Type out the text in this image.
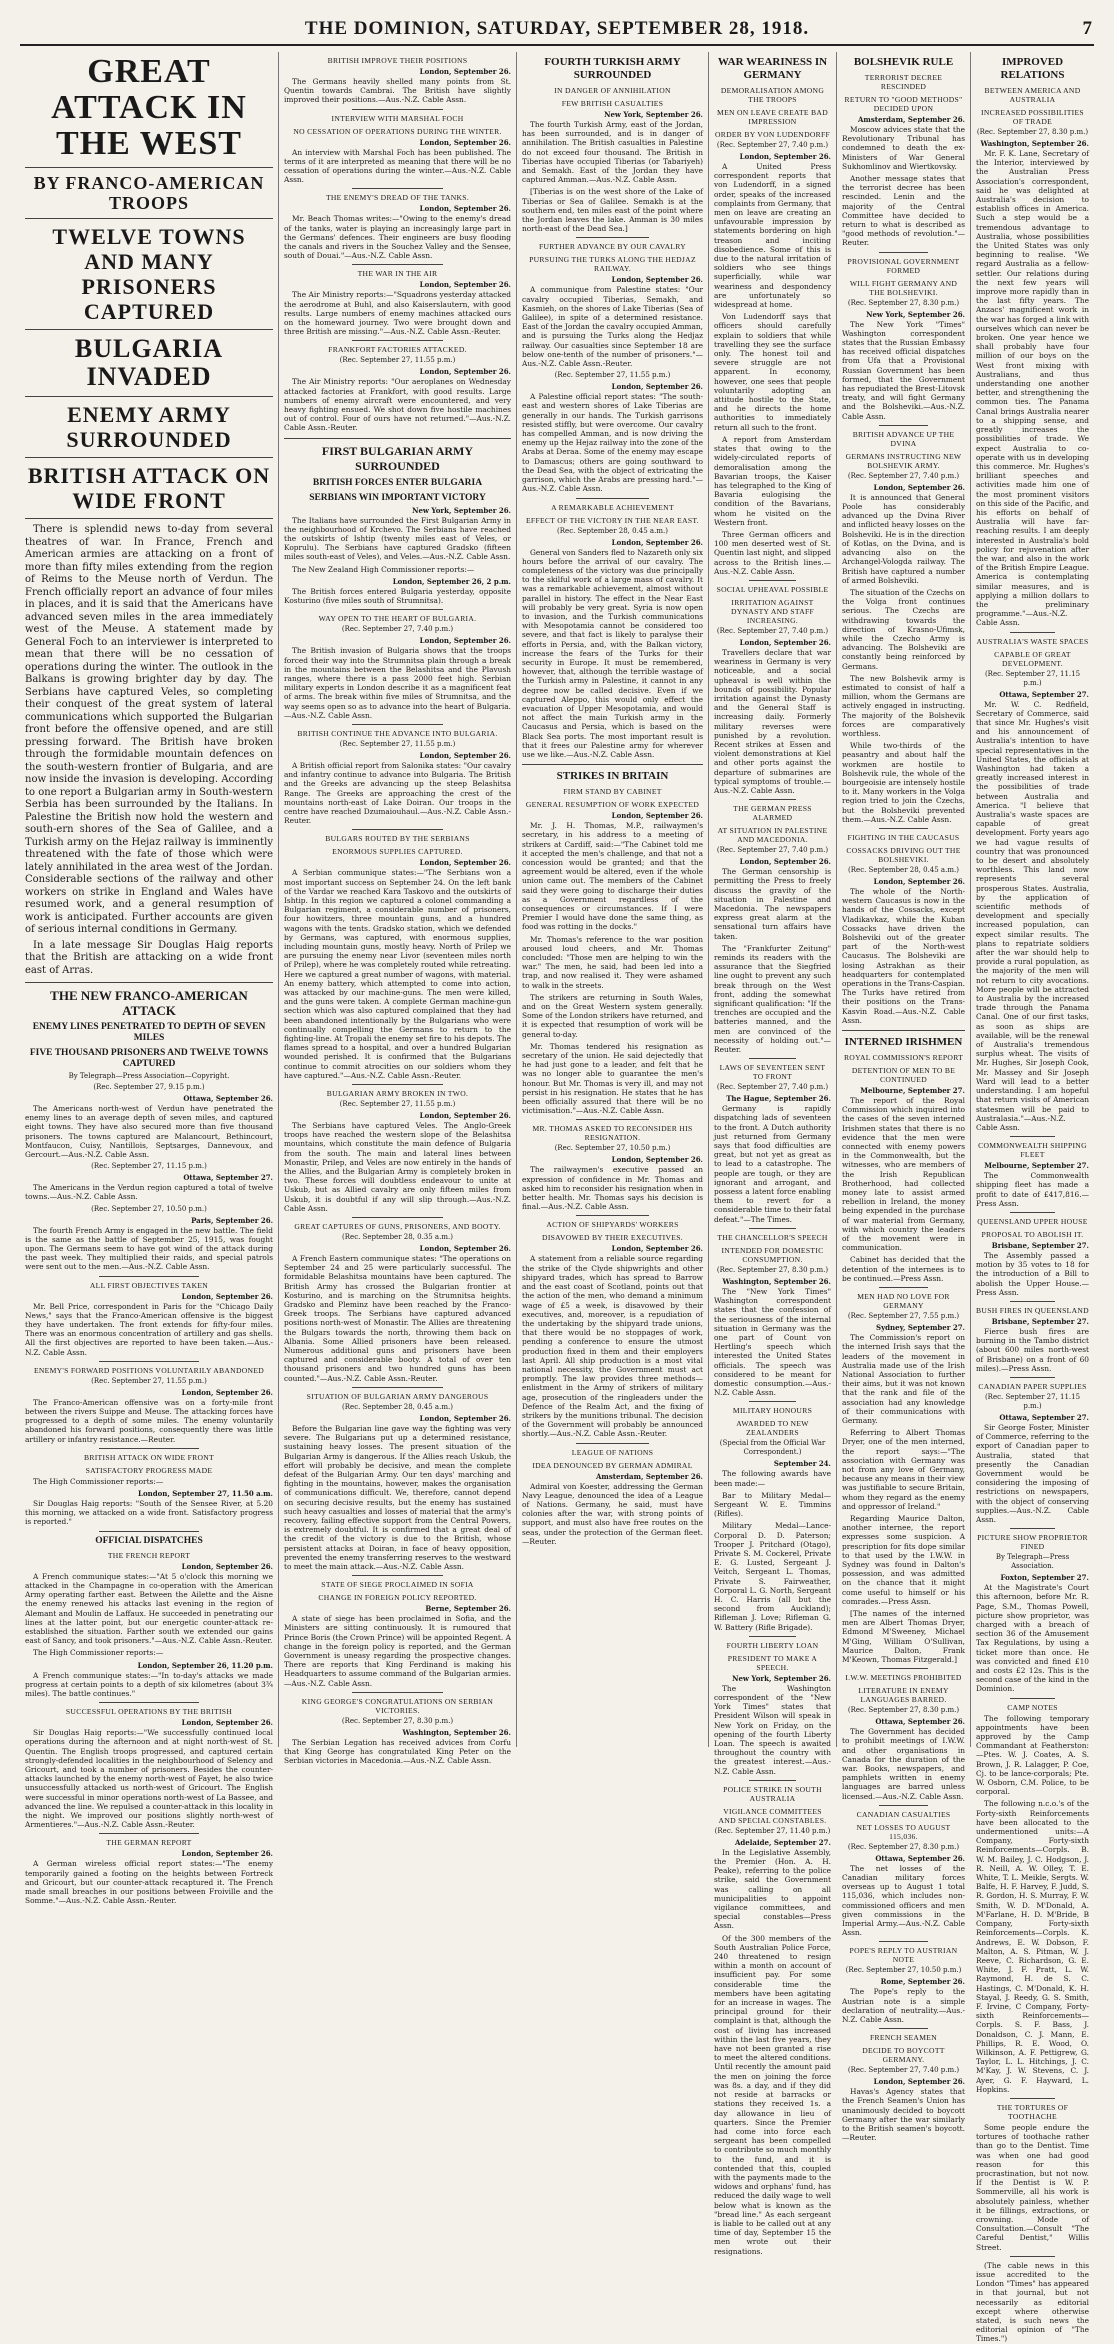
THE DOMINION, SATURDAY, SEPTEMBER 28, 1918.	7
GREAT ATTACK IN THE WEST
BY FRANCO-AMERICAN TROOPS
TWELVE TOWNS AND MANY PRISONERS CAPTURED
BULGARIA INVADED
ENEMY ARMY SURROUNDED
BRITISH ATTACK ON WIDE FRONT

There is splendid news to-day from several theatres of war. In France, French and American armies are attacking on a front of more than fifty miles extending from the region of Reims to the Meuse north of Verdun. The French officially report an advance of four miles in places, and it is said that the Americans have advanced seven miles in the area immediately west of the Meuse. A statement made by General Foch to an interviewer is interpreted to mean that there will be no cessation of operations during the winter. The outlook in the Balkans is growing brighter day by day. The Serbians have captured Veles, so completing their conquest of the great system of lateral communications which supported the Bulgarian front before the offensive opened, and are still pressing forward. The British have broken through the formidable mountain defences on the south-western frontier of Bulgaria, and are now inside the invasion is developing. According to one report a Bulgarian army in South-western Serbia has been surrounded by the Italians. In Palestine the British now hold the western and south-ern shores of the Sea of Galilee, and a Turkish army on the Hejaz railway is imminently threatened with the fate of those which were lately annihilated in the area west of the Jordan. Considerable sections of the railway and other workers on strike in England and Wales have resumed work, and a general resumption of work is anticipated. Further accounts are given of serious internal conditions in Germany.

In a late message Sir Douglas Haig reports that the British are attacking on a wide front east of Arras.

THE NEW FRANCO-AMERICAN ATTACK
ENEMY LINES PENETRATED TO DEPTH OF SEVEN MILES
FIVE THOUSAND PRISONERS AND TWELVE TOWNS CAPTURED
By Telegraph—Press Association—Copyright.
(Rec. September 27, 9.15 p.m.)
Ottawa, September 26.

The Americans north-west of Verdun have penetrated the enemy lines to an average depth of seven miles, and captured eight towns. They have also secured more than five thousand prisoners. The towns captured are Malancourt, Bethincourt, Montfaucon, Cuisy, Nantillois, Septsarges, Dannevoux, and Gercourt.—Aus.-N.Z. Cable Assn.

(Rec. September 27, 11.15 p.m.)
Ottawa, September 27.

The Americans in the Verdun region captured a total of twelve towns.—Aus.-N.Z. Cable Assn.

(Rec. September 27, 10.50 p.m.)
Paris, September 26.

The fourth French Army is engaged in the new battle. The field is the same as the battle of September 25, 1915, was fought upon. The Germans seem to have got wind of the attack during the past week. They multiplied their raids, and special patrols were sent out to the men.—Aus.-N.Z. Cable Assn.

ALL FIRST OBJECTIVES TAKEN
London, September 26.

Mr. Bell Price, correspondent in Paris for the "Chicago Daily News," says that the Franco-American offensive is the biggest they have undertaken. The front extends for fifty-four miles. There was an enormous concentration of artillery and gas shells. All the first objectives are reported to have been taken.—Aus.-N.Z. Cable Assn.

ENEMY'S FORWARD POSITIONS VOLUNTARILY ABANDONED
(Rec. September 27, 11.55 p.m.)
London, September 26.

The Franco-American offensive was on a forty-mile front between the rivers Suippe and Meuse. The attacking forces have progressed to a depth of some miles. The enemy voluntarily abandoned his forward positions, consequently there was little artillery or infantry resistance.—Reuter.

BRITISH ATTACK ON WIDE FRONT
SATISFACTORY PROGRESS MADE

The High Commissioner reports:—

London, September 27, 11.50 a.m.

Sir Douglas Haig reports: "South of the Sensee River, at 5.20 this morning, we attacked on a wide front. Satisfactory progress is reported."

OFFICIAL DISPATCHES
THE FRENCH REPORT
London, September 26.

A French communique states:—"At 5 o'clock this morning we attacked in the Champagne in co-operation with the American Army operating farther east. Between the Ailette and the Aisne the enemy renewed his attacks last evening in the region of Alemant and Moulin de Laffaux. He succeeded in penetrating our lines at the latter point, but our energetic counter-attack re-established the situation. Farther south we extended our gains east of Sancy, and took prisoners."—Aus.-N.Z. Cable Assn.-Reuter.

The High Commissioner reports:—

London, September 26, 11.20 p.m.

A French communique states:—"In to-day's attacks we made progress at certain points to a depth of six kilometres (about 3¾ miles). The battle continues."

SUCCESSFUL OPERATIONS BY THE BRITISH
London, September 26.

Sir Douglas Haig reports:—"We successfully continued local operations during the afternoon and at night north-west of St. Quentin. The English troops progressed, and captured certain strongly-defended localities in the neighbourhood of Selency and Gricourt, and took a number of prisoners. Besides the counter-attacks launched by the enemy north-west of Fayet, he also twice unsuccessfully attacked us north-west of Gricourt. The English were successful in minor operations north-west of La Bassee, and advanced the line. We repulsed a counter-attack in this locality in the night. We improved our positions slightly north-west of Armentieres."—Aus.-N.Z. Cable Assn.-Reuter.

THE GERMAN REPORT
London, September 26.

A German wireless official report states:—"The enemy temporarily gained a footing on the heights between Fortreck and Gricourt, but our counter-attack recaptured it. The French made small breaches in our positions between Froiville and the Somme."—Aus.-N.Z. Cable Assn.-Reuter.

BRITISH IMPROVE THEIR POSITIONS
London, September 26.

The Germans heavily shelled many points from St. Quentin towards Cambrai. The British have slightly improved their positions.—Aus.-N.Z. Cable Assn.

INTERVIEW WITH MARSHAL FOCH
NO CESSATION OF OPERATIONS DURING THE WINTER.
London, September 26.

An interview with Marshal Foch has been published. The terms of it are interpreted as meaning that there will be no cessation of operations during the winter.—Aus.-N.Z. Cable Assn.

THE ENEMY'S DREAD OF THE TANKS.
London, September 26.

Mr. Beach Thomas writes:—"Owing to the enemy's dread of the tanks, water is playing an increasingly large part in the Germans' defences. Their engineers are busy flooding the canals and rivers in the Souchez Valley and the Sensee, south of Douai."—Aus.-N.Z. Cable Assn.

THE WAR IN THE AIR
London, September 26.

The Air Ministry reports:—"Squadrons yesterday attacked the aerodrome at Buhl, and also Kaiserslautern, with good results. Large numbers of enemy machines attacked ours on the homeward journey. Two were brought down and three British are missing."—Aus.-N.Z. Cable Assn.-Reuter.

FRANKFORT FACTORIES ATTACKED.
(Rec. September 27, 11.55 p.m.)
London, September 26.

The Air Ministry reports: "Our aeroplanes on Wednesday attacked factories at Frankfort, with good results. Large numbers of enemy aircraft were encountered, and very heavy fighting ensued. We shot down five hostile machines out of control. Four of ours have not returned."—Aus.-N.Z. Cable Assn.-Reuter.

FIRST BULGARIAN ARMY SURROUNDED
BRITISH FORCES ENTER BULGARIA
SERBIANS WIN IMPORTANT VICTORY
New York, September 26.

The Italians have surrounded the First Bulgarian Army in the neighbourhood of Krchevo. The Serbians have reached the outskirts of Ishtip (twenty miles east of Veles, or Koprulu). The Serbians have captured Gradsko (fifteen miles south-east of Veles), and Veles.—Aus.-N.Z. Cable Assn.

The New Zealand High Commissioner reports:—

London, September 26, 2 p.m.

The British forces entered Bulgaria yesterday, opposite Kosturino (five miles south of Strumnitsa).

WAY OPEN TO THE HEART OF BULGARIA.
(Rec. September 27, 7.40 p.m.)
London, September 26.

The British invasion of Bulgaria shows that the troops forced their way into the Strumnitsa plain through a break in the mountains between the Belashitsa and the Plavush ranges, where there is a pass 2000 feet high. Serbian military experts in London describe it as a magnificent feat of arms. The break within five miles of Strumnitsa, and the way seems open so as to advance into the heart of Bulgaria.—Aus.-N.Z. Cable Assn.

BRITISH CONTINUE THE ADVANCE INTO BULGARIA.
(Rec. September 27, 11.55 p.m.)
London, September 26.

A British official report from Salonika states: "Our cavalry and infantry continue to advance into Bulgaria. The British and the Greeks are advancing up the steep Belashitsa Range. The Greeks are approaching the crest of the mountains north-east of Lake Doiran. Our troops in the centre have reached Dzumaiouhaul.—Aus.-N.Z. Cable Assn.-Reuter.

BULGARS ROUTED BY THE SERBIANS
ENORMOUS SUPPLIES CAPTURED.
London, September 26.

A Serbian communique states:—"The Serbians won a most important success on September 24. On the left bank of the Vardar we reached Kara Taskovo and the outskirts of Ishtip. In this region we captured a colonel commanding a Bulgarian regiment, a considerable number of prisoners, four howitzers, three mountain guns, and a hundred wagons with the tents. Gradsko station, which we defended by Germans, was captured, with enormous supplies, including mountain guns, mostly heavy. North of Prilep we are pursuing the enemy near Livor (seventeen miles north of Prilep), where he was completely routed while retreating. Here we captured a great number of wagons, with material. An enemy battery, which attempted to come into action, was attacked by our machine-guns. The men were killed, and the guns were taken. A complete German machine-gun section which was also captured complained that they had been abandoned intentionally by the Bulgarians who were continually compelling the Germans to return to the fighting-line. At Tropali the enemy set fire to his depots. The flames spread to a hospital, and over a hundred Bulgarian wounded perished. It is confirmed that the Bulgarians continue to commit atrocities on our soldiers whom they have captured."—Aus.-N.Z. Cable Assn.-Reuter.

BULGARIAN ARMY BROKEN IN TWO.
(Rec. September 27, 11.55 p.m.)
London, September 26.

The Serbians have captured Veles. The Anglo-Greek troops have reached the western slope of the Belashitsa mountains, which constitute the main defence of Bulgaria from the south. The main and lateral lines between Monastir, Prilep, and Veles are now entirely in the hands of the Allies, and the Bulgarian Army is completely broken in two. These forces will doubtless endeavour to unite at Uskub, but as Allied cavalry are only fifteen miles from Uskub, it is doubtful if any will slip through.—Aus.-N.Z. Cable Assn.

GREAT CAPTURES OF GUNS, PRISONERS, AND BOOTY.
(Rec. September 28, 0.35 a.m.)
London, September 26.

A French Eastern communique states: "The operations on September 24 and 25 were particularly successful. The formidable Belashitsa mountains have been captured. The British Army has crossed the Bulgarian frontier at Kosturino, and is marching on the Strumnitsa heights. Gradsko and Pleminz have been reached by the Franco-Greek troops. The Serbians have captured advanced positions north-west of Monastir. The Allies are threatening the Bulgars towards the north, throwing them back on Albania. Some Allied prisoners have been released. Numerous additional guns and prisoners have been captured and considerable booty. A total of over ten thousand prisoners and two hundred guns has been counted."—Aus.-N.Z. Cable Assn.-Reuter.

SITUATION OF BULGARIAN ARMY DANGEROUS
(Rec. September 28, 0.45 a.m.)
London, September 26.

Before the Bulgarian line gave way the fighting was very severe. The Bulgarians put up a determined resistance, sustaining heavy losses. The present situation of the Bulgarian Army is dangerous. If the Allies reach Uskub, the effort will probably be decisive, and mean the complete defeat of the Bulgarian Army. Our ten days' marching and fighting in the mountains, however, makes the organisation of communications difficult. We, therefore, cannot depend on securing decisive results, but the enemy has sustained such heavy casualties and losses of material that the army's recovery, failing effective support from the Central Powers, is extremely doubtful. It is confirmed that a great deal of the credit of the victory is due to the British, whose persistent attacks at Doiran, in face of heavy opposition, prevented the enemy transferring reserves to the westward to meet the main attack.—Aus.-N.Z. Cable Assn.

STATE OF SIEGE PROCLAIMED IN SOFIA
CHANGE IN FOREIGN POLICY REPORTED.
Berne, September 26.

A state of siege has been proclaimed in Sofia, and the Ministers are sitting continuously. It is rumoured that Prince Boris (the Crown Prince) will be appointed Regent. A change in the foreign policy is reported, and the German Government is uneasy regarding the prospective changes. There are reports that King Ferdinand is making his Headquarters to assume command of the Bulgarian armies.—Aus.-N.Z. Cable Assn.

KING GEORGE'S CONGRATULATIONS ON SERBIAN VICTORIES.
(Rec. September 27, 8.30 p.m.)
Washington, September 26.

The Serbian Legation has received advices from Corfu that King George has congratulated King Peter on the Serbian victories in Macedonia.—Aus.-N.Z. Cable Assn.

FOURTH TURKISH ARMY SURROUNDED
IN DANGER OF ANNIHILATION
FEW BRITISH CASUALTIES
New York, September 26.

The fourth Turkish Army, east of the Jordan, has been surrounded, and is in danger of annihilation. The British casualties in Palestine do not exceed four thousand. The British in Tiberias have occupied Tiberias (or Tabariyeh) and Semakh. East of the Jordan they have captured Amman.—Aus.-N.Z. Cable Assn.

[Tiberias is on the west shore of the Lake of Tiberias or Sea of Galilee. Semakh is at the southern end, ten miles east of the point where the Jordan leaves the lake. Amman is 30 miles north-east of the Dead Sea.]

FURTHER ADVANCE BY OUR CAVALRY
PURSUING THE TURKS ALONG THE HEDJAZ RAILWAY.
London, September 26.

A communique from Palestine states: "Our cavalry occupied Tiberias, Semakh, and Kasmieh, on the shores of Lake Tiberias (Sea of Galilee), in spite of a determined resistance. East of the Jordan the cavalry occupied Amman, and is pursuing the Turks along the Hedjaz railway. Our casualties since September 18 are below one-tenth of the number of prisoners."—Aus.-N.Z. Cable Assn.-Reuter.

(Rec. September 27, 11.55 p.m.)
London, September 26.

A Palestine official report states: "The south-east and western shores of Lake Tiberias are generally in our hands. The Turkish garrisons resisted stiffly, but were overcome. Our cavalry has compelled Amman, and is now driving the enemy up the Hejaz railway into the zone of the Arabs at Deraa. Some of the enemy may escape to Damascus; others are going southward to the Dead Sea, with the object of extricating the garrison, which the Arabs are pressing hard."—Aus.-N.Z. Cable Assn.

A REMARKABLE ACHIEVEMENT
EFFECT OF THE VICTORY IN THE NEAR EAST.
(Rec. September 28, 0.45 a.m.)
London, September 26.

General von Sanders fled to Nazareth only six hours before the arrival of our cavalry. The completeness of the victory was due principally to the skilful work of a large mass of cavalry. It was a remarkable achievement, almost without parallel in history. The effect in the Near East will probably be very great. Syria is now open to invasion, and the Turkish communications with Mesopotamia cannot be considered too severe, and that fact is likely to paralyse their efforts in Persia, and, with the Balkan victory, increase the fears of the Turks for their security in Europe. It must be remembered, however, that, although the terrible wastage of the Turkish army in Palestine, it cannot in any degree now be called decisive. Even if we captured Aleppo, this would only effect the evacuation of Upper Mesopotamia, and would not affect the main Turkish army in the Caucasus and Persia, which is based on the Black Sea ports. The most important result is that it frees our Palestine army for wherever use we like.—Aus.-N.Z. Cable Assn.

STRIKES IN BRITAIN
FIRM STAND BY CABINET
GENERAL RESUMPTION OF WORK EXPECTED
London, September 26.

Mr. J. H. Thomas, M.P., railwaymen's secretary, in his address to a meeting of strikers at Cardiff, said:—"The Cabinet told me it accepted the men's challenge, and that not a concession would be granted; and that the agreement would be altered, even if the whole union came out. The members of the Cabinet said they were going to discharge their duties as a Government regardless of the consequences or circumstances. If I were Premier I would have done the same thing, as food was rotting in the docks."

Mr. Thomas's reference to the war position aroused loud cheers, and Mr. Thomas concluded: "Those men are helping to win the war." The men, he said, had been led into a trap, and now realised it. They were ashamed to walk in the streets.

The strikers are returning in South Wales, and on the Great Western system generally. Some of the London strikers have returned, and it is expected that resumption of work will be general to-day.

Mr. Thomas tendered his resignation as secretary of the union. He said dejectedly that he had just gone to a leader, and felt that he was no longer able to guarantee the men's honour. But Mr. Thomas is very ill, and may not persist in his resignation. He states that he has been officially assured that there will be no victimisation."—Aus.-N.Z. Cable Assn.

MR. THOMAS ASKED TO RECONSIDER HIS RESIGNATION.
(Rec. September 27, 10.50 p.m.)
London, September 26.

The railwaymen's executive passed an expression of confidence in Mr. Thomas and asked him to reconsider his resignation when in better health. Mr. Thomas says his decision is final.—Aus.-N.Z. Cable Assn.

ACTION OF SHIPYARDS' WORKERS
DISAVOWED BY THEIR EXECUTIVES.
London, September 26.

A statement from a reliable source regarding the strike of the Clyde shipwrights and other shipyard trades, which has spread to Barrow and the east coast of Scotland, points out that the action of the men, who demand a minimum wage of £5 a week, is disavowed by their executives, and, moreover, is a repudiation of the undertaking by the shipyard trade unions, that there would be no stoppages of work, pending a conference to ensure the utmost production fixed in them and their employers last April. All ship production is a most vital national necessity, the Government must act promptly. The law provides three methods—enlistment in the Army of strikers of military age, prosecution of the ringleaders under the Defence of the Realm Act, and the fixing of strikers by the munitions tribunal. The decision of the Government will probably be announced shortly.—Aus.-N.Z. Cable Assn.-Reuter.

LEAGUE OF NATIONS
IDEA DENOUNCED BY GERMAN ADMIRAL
Amsterdam, September 26.

Admiral von Koester, addressing the German Navy League, denounced the idea of a League of Nations. Germany, he said, must have colonies after the war, with strong points of support, and must also have free routes on the seas, under the protection of the German fleet.—Reuter.

WAR WEARINESS IN GERMANY
DEMORALISATION AMONG THE TROOPS
MEN ON LEAVE CREATE BAD IMPRESSION
ORDER BY VON LUDENDORFF
(Rec. September 27, 7.40 p.m.)
London, September 26.

A United Press correspondent reports that von Ludendorff, in a signed order, speaks of the increased complaints from Germany, that men on leave are creating an unfavourable impression by statements bordering on high treason and inciting disobedience. Some of this is due to the natural irritation of soldiers who see things superficially, while war weariness and despondency are unfortunately so widespread at home.

Von Ludendorff says that officers should carefully explain to soldiers that while travelling they see the surface only. The honest toil and severe struggle are not apparent. In economy, however, one sees that people voluntarily adopting an attitude hostile to the State, and he directs the home authorities to immediately return all such to the front.

A report from Amsterdam states that owing to the widely-circulated reports of demoralisation among the Bavarian troops, the Kaiser has telegraphed to the King of Bavaria eulogising the condition of the Bavarians, whom he visited on the Western front.

Three German officers and 100 men deserted west of St. Quentin last night, and slipped across to the British lines.—Aus.-N.Z. Cable Assn.

SOCIAL UPHEAVAL POSSIBLE
IRRITATION AGAINST DYNASTY AND STAFF INCREASING.
(Rec. September 27, 7.40 p.m.)
London, September 26.

Travellers declare that war weariness in Germany is very noticeable, and a social upheaval is well within the bounds of possibility. Popular irritation against the Dynasty and the General Staff is increasing daily. Formerly military reverses were punished by a revolution. Recent strikes at Essen and violent demonstrations at Kiel and other ports against the departure of submarines are typical symptoms of trouble.—Aus.-N.Z. Cable Assn.

THE GERMAN PRESS ALARMED
AT SITUATION IN PALESTINE AND MACEDONIA.
(Rec. September 27, 7.40 p.m.)
London, September 26.

The German censorship is permitting the Press to freely discuss the gravity of the situation in Palestine and Macedonia. The newspapers express great alarm at the sensational turn affairs have taken.

The "Frankfurter Zeitung" reminds its readers with the assurance that the Siegfried line ought to prevent any such break through on the West front, adding the somewhat significant qualification: "If the trenches are occupied and the batteries manned, and the men are convinced of the necessity of holding out."—Reuter.

LAWS OF SEVENTEEN SENT TO FRONT
(Rec. September 27, 7.40 p.m.)
The Hague, September 26.

Germany is rapidly dispatching lads of seventeen to the front. A Dutch authority just returned from Germany says that food difficulties are great, but not yet as great as to lead to a catastrophe. The people are tough, or they are ignorant and arrogant, and possess a latent force enabling them to revert for a considerable time to their fatal defeat."—The Times.

THE CHANCELLOR'S SPEECH
INTENDED FOR DOMESTIC CONSUMPTION.
(Rec. September 27, 8.30 p.m.)
Washington, September 26.

The "New York Times" Washington correspondent states that the confession of the seriousness of the internal situation in Germany was the one part of Count von Hertling's speech which interested the United States officials. The speech was considered to be meant for domestic consumption.—Aus.-N.Z. Cable Assn.

MILITARY HONOURS
AWARDED TO NEW ZEALANDERS
(Special from the Official War Correspondent.)
September 24.

The following awards have been made:—

Bar to Military Medal—Sergeant W. E. Timmins (Rifles).

Military Medal—Lance-Corporal D. D. Paterson; Trooper J. Pritchard (Otago), Private S. M. Cockerel, Private E. G. Lusted, Sergeant J. Veitch, Sergeant L. Thomas, Private S. Fairweather, Corporal L. G. North, Sergeant H. C. Harris (all but the second from Auckland); Rifleman J. Love; Rifleman G. W. Battery (Rifle Brigade).

FOURTH LIBERTY LOAN
PRESIDENT TO MAKE A SPEECH.
New York, September 26.

The Washington correspondent of the "New York Times" states that President Wilson will speak in New York on Friday, on the opening of the fourth Liberty Loan. The speech is awaited throughout the country with the greatest interest.—Aus.-N.Z. Cable Assn.

POLICE STRIKE IN SOUTH AUSTRALIA
VIGILANCE COMMITTEES AND SPECIAL CONSTABLES.
(Rec. September 27, 11.40 p.m.)
Adelaide, September 27.

In the Legislative Assembly, the Premier (Hon. A. H. Peake), referring to the police strike, said the Government was calling on all municipalities to appoint vigilance committees, and special constables—Press Assn.

Of the 300 members of the South Australian Police Force, 240 threatened to resign within a month on account of insufficient pay. For some considerable time the members have been agitating for an increase in wages. The principal ground for their complaint is that, although the cost of living has increased within the last five years, they have not been granted a rise to meet the altered conditions. Until recently the amount paid the men on joining the force was 8s. a day, and if they did not reside at barracks or stations they received 1s. a day allowance in lieu of quarters. Since the Premier had come into force each sergeant has been compelled to contribute so much monthly to the fund, and it is contended that this, coupled with the payments made to the widows and orphans' fund, has reduced the daily wage to well below what is known as the "bread line." As each sergeant is liable to be called out at any time of day, September 15 the men wrote out their resignations.

BOLSHEVIK RULE
TERRORIST DECREE RESCINDED
RETURN TO "GOOD METHODS" DECIDED UPON
Amsterdam, September 26.

Moscow advices state that the Revolutionary Tribunal has condemned to death the ex-Ministers of War General Sukhomlinov and Wiertkovsky.

Another message states that the terrorist decree has been rescinded. Lenin and the majority of the Central Committee have decided to return to what is described as "good methods of revolution."—Reuter.

PROVISIONAL GOVERNMENT FORMED
WILL FIGHT GERMANY AND THE BOLSHEVIKI.
(Rec. September 27, 8.30 p.m.)
New York, September 26.

The New York "Times" Washington correspondent states that the Russian Embassy has received official dispatches from Ufa that a Provisional Russian Government has been formed, that the Government has repudiated the Brest-Litovsk treaty, and will fight Germany and the Bolsheviki.—Aus.-N.Z. Cable Assn.

BRITISH ADVANCE UP THE DVINA
GERMANS INSTRUCTING NEW BOLSHEVIK ARMY.
(Rec. September 27, 7.40 p.m.)
London, September 26.

It is announced that General Poole has considerably advanced up the Dvina River and inflicted heavy losses on the Bolsheviki. He is in the direction of Kotlas, on the Dvina, and is advancing also on the Archangel-Vologda railway. The British have captured a number of armed Bolsheviki.

The situation of the Czechs on the Volga front continues serious. The Czechs are withdrawing towards the direction of Krasno-Ufimsk, while the Czecho Army is advancing. The Bolsheviki are constantly being reinforced by Germans.

The new Bolshevik army is estimated to consist of half a million, whom the Germans are actively engaged in instructing. The majority of the Bolshevik forces are comparatively worthless.

While two-thirds of the peasantry and about half the workmen are hostile to Bolshevik rule, the whole of the bourgeoisie are intensely hostile to it. Many workers in the Volga region tried to join the Czechs, but the Bolsheviki prevented them.—Aus.-N.Z. Cable Assn.

FIGHTING IN THE CAUCASUS
COSSACKS DRIVING OUT THE BOLSHEVIKI.
(Rec. September 28, 0.45 a.m.)
London, September 26.

The whole of the North-western Caucasus is now in the hands of the Cossacks, except Vladikavkaz, while the Kuban Cossacks have driven the Bolsheviki out of the greater part of the North-west Caucasus. The Bolsheviki are losing Astrakhan as their headquarters for contemplated operations in the Trans-Caspian. The Turks have retired from their positions on the Trans-Kasvin Road.—Aus.-N.Z. Cable Assn.

INTERNED IRISHMEN
ROYAL COMMISSION'S REPORT
DETENTION OF MEN TO BE CONTINUED
Melbourne, September 27.

The report of the Royal Commission which inquired into the cases of the seven interned Irishmen states that there is no evidence that the men were connected with enemy powers in the Commonwealth, but the witnesses, who are members of the Irish Republican Brotherhood, had collected money late to assist armed rebellion in Ireland, the money being expended in the purchase of war material from Germany, with which country the leaders of the movement were in communication.

Cabinet has decided that the detention of the internees is to be continued.—Press Assn.

MEN HAD NO LOVE FOR GERMANY
(Rec. September 27, 7.55 p.m.)
Sydney, September 27.

The Commission's report on the interned Irish says that the leaders of the movement in Australia made use of the Irish National Association to further their aims, but it was not known that the rank and file of the association had any knowledge of their communications with Germany.

Referring to Albert Thomas Dryer, one of the men interned, the report says:—"The association with Germany was not from any love of Germany, because any means in their view was justifiable to secure Britain, whom they regard as the enemy and oppressor of Ireland."

Regarding Maurice Dalton, another internee, the report expresses some suspicion. A prescription for fits dope similar to that used by the I.W.W. in Sydney was found in Dalton's possession, and was admitted on the chance that it might come useful to himself or his comrades.—Press Assn.

[The names of the interned men are Albert Thomas Dryer, Edmond M'Sweeney, Michael M'Ging, William O'Sullivan, Maurice Dalton, Frank M'Keown, Thomas Fitzgerald.]

I.W.W. MEETINGS PROHIBITED
LITERATURE IN ENEMY LANGUAGES BARRED.
(Rec. September 27, 8.30 p.m.)
Ottawa, September 26.

The Government has decided to prohibit meetings of I.W.W. and other organisations in Canada for the duration of the war. Books, newspapers, and pamphlets written in enemy languages are barred unless licensed.—Aus.-N.Z. Cable Assn.

CANADIAN CASUALTIES
NET LOSSES TO AUGUST 115,036.
(Rec. September 27, 8.30 p.m.)
Ottawa, September 26.

The net losses of the Canadian military forces overseas up to August 1 total 115,036, which includes non-commissioned officers and men given commissions in the Imperial Army.—Aus.-N.Z. Cable Assn.

POPE'S REPLY TO AUSTRIAN NOTE
(Rec. September 27, 10.50 p.m.)
Rome, September 26.

The Pope's reply to the Austrian note is a simple declaration of neutrality.—Aus.-N.Z. Cable Assn.

FRENCH SEAMEN
DECIDE TO BOYCOTT GERMANY.
(Rec. September 27, 7.40 p.m.)
London, September 26.

Havas's Agency states that the French Seamen's Union has unanimously decided to boycott Germany after the war similarly to the British seamen's boycott.—Reuter.

IMPROVED RELATIONS
BETWEEN AMERICA AND AUSTRALIA
INCREASED POSSIBILITIES OF TRADE
(Rec. September 27, 8.30 p.m.)
Washington, September 26.

Mr. F. K. Lane, Secretary of the Interior, interviewed by the Australian Press Association's correspondent, said he was delighted at Australia's decision to establish offices in America. Such a step would be a tremendous advantage to Australia, whose possibilities the United States was only beginning to realise. "We regard Australia as a fellow-settler. Our relations during the next few years will improve more rapidly than in the last fifty years. The Anzacs' magnificent work in the war has forged a link with ourselves which can never be broken. One year hence we shall probably have four million of our boys on the West front mixing with Australians, and thus understanding one another better, and strengthening the common ties. The Panama Canal brings Australia nearer to a shipping sense, and greatly increases the possibilities of trade. We expect Australia to co-operate with us in developing this commerce. Mr. Hughes's brilliant speeches and activities made him one of the most prominent visitors on this side of the Pacific, and his efforts on behalf of Australia will have far-reaching results. I am deeply interested in Australia's bold policy for rejuvenation after the war, and also in the work of the British Empire League. America is contemplating similar measures, and is applying a million dollars to the preliminary programme."—Aus.-N.Z. Cable Assn.

AUSTRALIA'S WASTE SPACES
CAPABLE OF GREAT DEVELOPMENT.
(Rec. September 27, 11.15 p.m.)
Ottawa, September 27.

Mr. W. C. Redfield, Secretary of Commerce, said that since Mr. Hughes's visit and his announcement of Australia's intention to have special representatives in the United States, the officials at Washington had taken a greatly increased interest in the possibilities of trade between Australia and America. "I believe that Australia's waste spaces are capable of great development. Forty years ago we had vague results of country that was pronounced to be desert and absolutely worthless. This land now represents several prosperous States. Australia, by the application of scientific methods of development and specially increased population, can expect similar results. The plans to repatriate soldiers after the war should help to provide a rural population, as the majority of the men will not return to city avocations. More people will be attracted to Australia by the increased trade through the Panama Canal. One of our first tasks, as soon as ships are available, will be the renewal of Australia's tremendous surplus wheat. The visits of Mr. Hughes, Sir Joseph Cook, Mr. Massey and Sir Joseph Ward will lead to a better understanding. I am hopeful that return visits of American statesmen will be paid to Australasia."—Aus.-N.Z. Cable Assn.

COMMONWEALTH SHIPPING FLEET
Melbourne, September 27.

The Commonwealth shipping fleet has made a profit to date of £417,816.—Press Assn.

QUEENSLAND UPPER HOUSE
PROPOSAL TO ABOLISH IT.
Brisbane, September 27.

The Assembly passed a motion by 35 votes to 18 for the introduction of a Bill to abolish the Upper House.—Press Assn.

BUSH FIRES IN QUEENSLAND
Brisbane, September 27.

Fierce bush fires are burning in the Tambo district (about 600 miles north-west of Brisbane) on a front of 60 miles).—Press Assn.

CANADIAN PAPER SUPPLIES
(Rec. September 27, 11.15 p.m.)
Ottawa, September 27.

Sir George Foster, Minister of Commerce, referring to the export of Canadian paper to Australia, stated that presently the Canadian Government would be considering the imposing of restrictions on newspapers, with the object of conserving supplies.—Aus.-N.Z. Cable Assn.

PICTURE SHOW PROPRIETOR FINED
By Telegraph—Press Association.
Foxton, September 27.

At the Magistrate's Court this afternoon, before Mr. R. Page, S.M., Thomas Powell, picture show proprietor, was charged with a breach of section 36 of the Amusement Tax Regulations, by using a ticket more than once. He was convicted and fined £10 and costs £2 12s. This is the second case of the kind in the Dominion.

CAMP NOTES

The following temporary appointments have been approved by the Camp Commandant at Featherston:—Ptes. W. J. Coates, A. S. Brown, J. R. Lalagger, P. Coe, Cj. to be lance-corporals; Pte. W. Osborn, C.M. Police, to be corporal.

The following n.c.o.'s of the Forty-sixth Reinforcements have been allocated to the undermentioned units:—A Company, Forty-sixth Reinforcements—Corpls. B. W. M. Bailey, J. C. Hodgson, J. R. Neill, A. W. Olley, T. E. White, T. L. Meikle, Sergts. W. Balfe, H. F. Harvey, F. Judd, S. R. Gordon, H. S. Murray, F. W. Smith, W. D. M'Donald, A. M'Farlane, H. D. M'Bride, B Company, Forty-sixth Reinforcements—Corpls. K. Andrews, E. W. Dobson, F. Malton, A. S. Pitman, W. J. Reeve, C. Richardson, G. E. White, J. F. Pratt, L. W. Raymond, H. de S. C. Hastings, C. M'Donald, K. H. Stayal, J. Reedy, G. S. Smith, F. Irvine, C Company, Forty-sixth Reinforcements—Corpls. S. F. Bass, J. Donaldson, C. J. Mann, E. Phillips, R. E. Wood, O. Wilkinson, A. F. Pettigrew, G. Taylor, L. L. Hitchings, J. C. M'Kay, J. W. Stevens, C. J. Ayer, G. F. Hayward, L. Hopkins.

THE TORTURES OF TOOTHACHE

Some people endure the tortures of toothache rather than go to the Dentist. Time was when one had good reason for this procrastination, but not now. If the Dentist is W. P. Sommerville, all his work is absolutely painless, whether it be fillings, extractions, or crowning. Mode of Consultation.—Consult "The Careful Dentist," Willis Street.

(The cable news in this issue accredited to the London "Times" has appeared in that journal, but not necessarily as editorial except where otherwise stated, is such news the editorial opinion of "The Times.")
